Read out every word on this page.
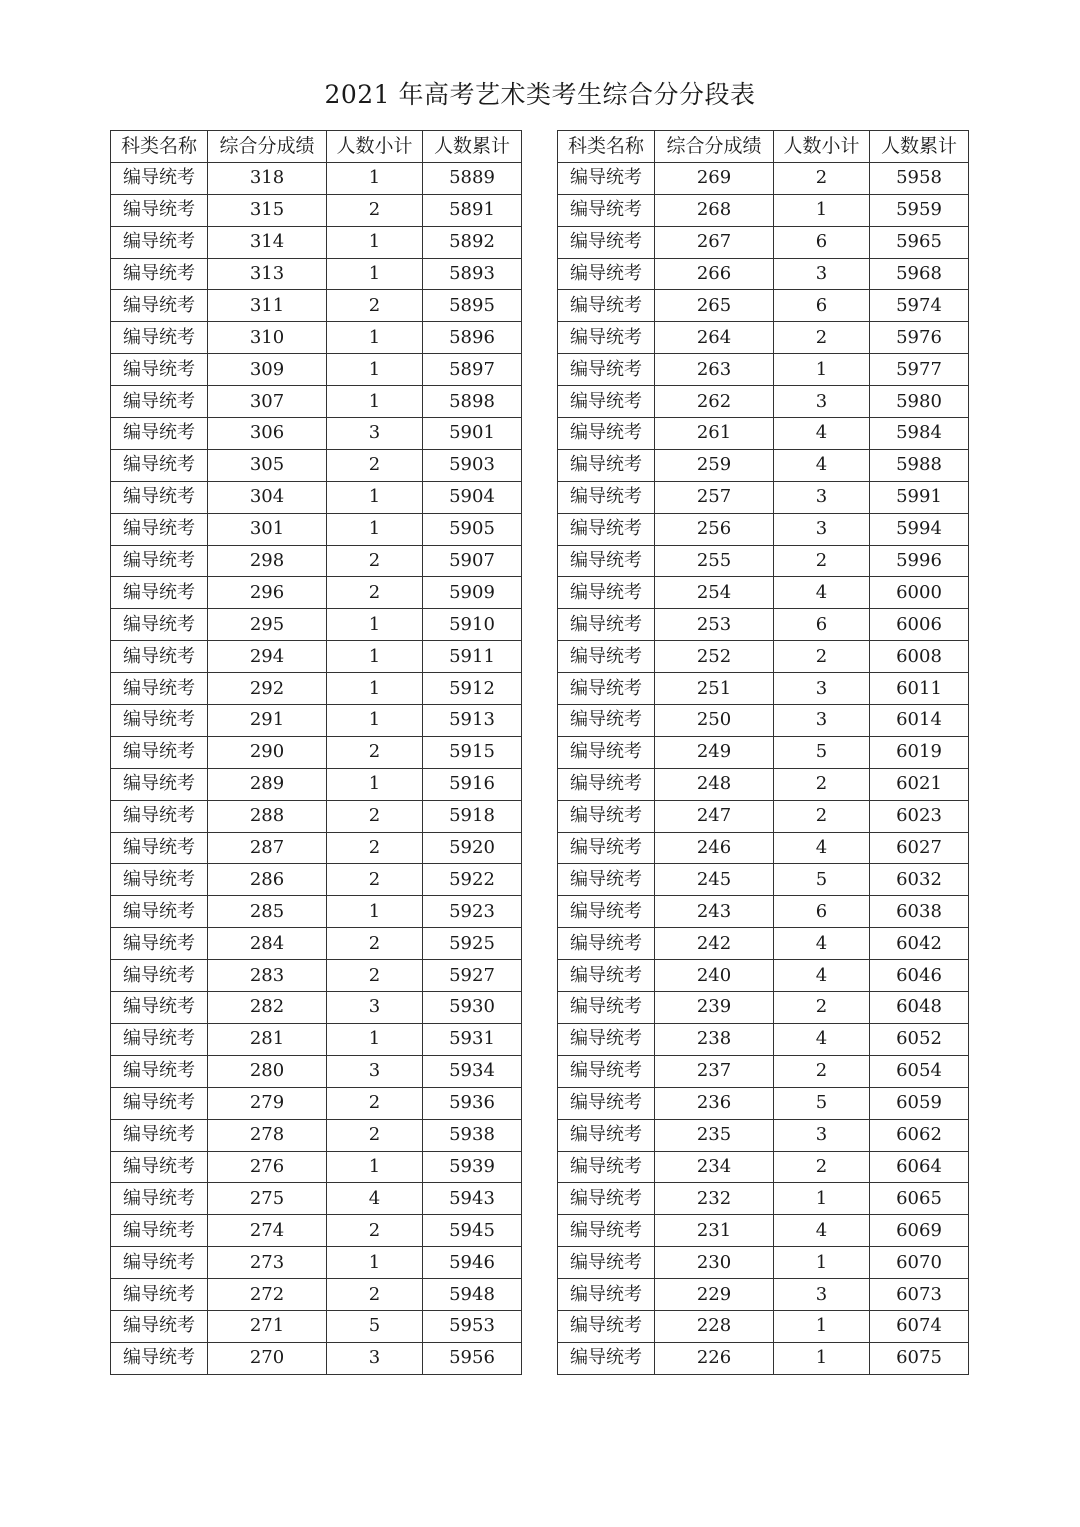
2021 年高考艺术类考生综合分分段表
科类名称	综合分成绩	人数小计	人数累计
编导统考	318	1	5889
编导统考	315	2	5891
编导统考	314	1	5892
编导统考	313	1	5893
编导统考	311	2	5895
编导统考	310	1	5896
编导统考	309	1	5897
编导统考	307	1	5898
编导统考	306	3	5901
编导统考	305	2	5903
编导统考	304	1	5904
编导统考	301	1	5905
编导统考	298	2	5907
编导统考	296	2	5909
编导统考	295	1	5910
编导统考	294	1	5911
编导统考	292	1	5912
编导统考	291	1	5913
编导统考	290	2	5915
编导统考	289	1	5916
编导统考	288	2	5918
编导统考	287	2	5920
编导统考	286	2	5922
编导统考	285	1	5923
编导统考	284	2	5925
编导统考	283	2	5927
编导统考	282	3	5930
编导统考	281	1	5931
编导统考	280	3	5934
编导统考	279	2	5936
编导统考	278	2	5938
编导统考	276	1	5939
编导统考	275	4	5943
编导统考	274	2	5945
编导统考	273	1	5946
编导统考	272	2	5948
编导统考	271	5	5953
编导统考	270	3	5956
科类名称	综合分成绩	人数小计	人数累计
编导统考	269	2	5958
编导统考	268	1	5959
编导统考	267	6	5965
编导统考	266	3	5968
编导统考	265	6	5974
编导统考	264	2	5976
编导统考	263	1	5977
编导统考	262	3	5980
编导统考	261	4	5984
编导统考	259	4	5988
编导统考	257	3	5991
编导统考	256	3	5994
编导统考	255	2	5996
编导统考	254	4	6000
编导统考	253	6	6006
编导统考	252	2	6008
编导统考	251	3	6011
编导统考	250	3	6014
编导统考	249	5	6019
编导统考	248	2	6021
编导统考	247	2	6023
编导统考	246	4	6027
编导统考	245	5	6032
编导统考	243	6	6038
编导统考	242	4	6042
编导统考	240	4	6046
编导统考	239	2	6048
编导统考	238	4	6052
编导统考	237	2	6054
编导统考	236	5	6059
编导统考	235	3	6062
编导统考	234	2	6064
编导统考	232	1	6065
编导统考	231	4	6069
编导统考	230	1	6070
编导统考	229	3	6073
编导统考	228	1	6074
编导统考	226	1	6075
